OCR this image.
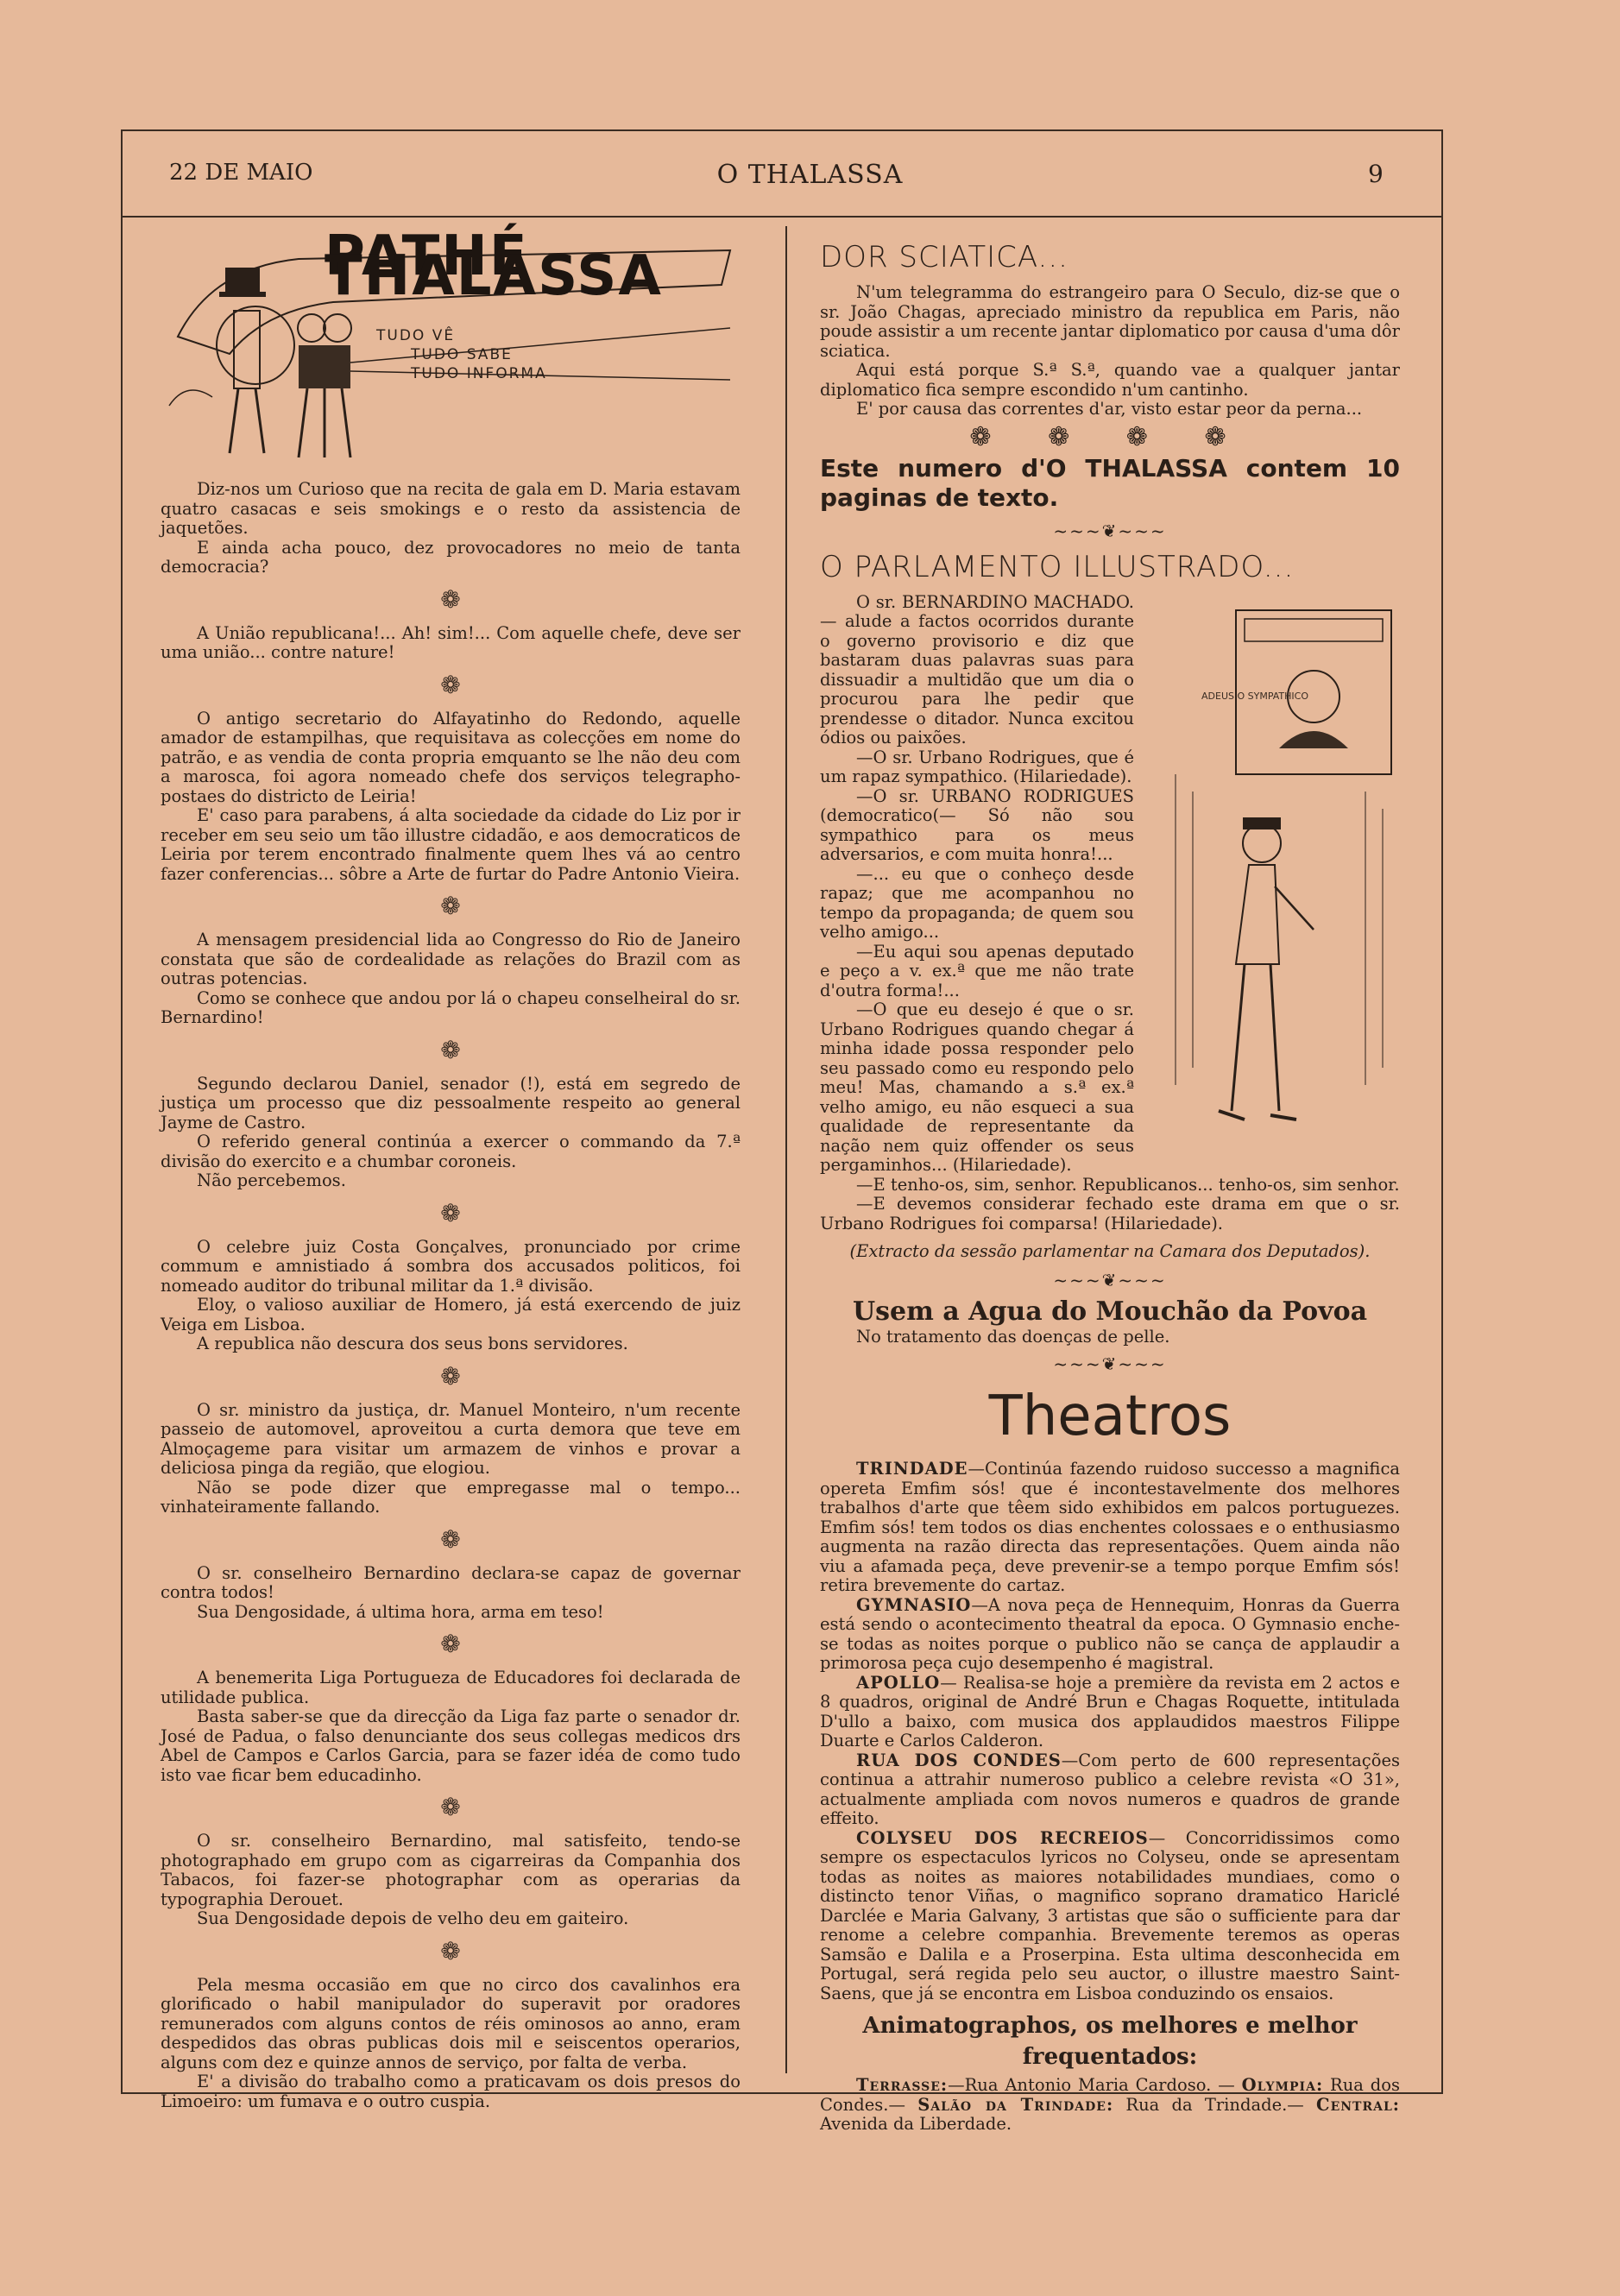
22 DE MAIO	O THALASSA	9
PATHÉ THALASSA
TUDO VÊ
TUDO SABE
TUDO INFORMA

Diz-nos um Curioso que na recita de gala em D. Maria estavam quatro casacas e seis smokings e o resto da assistencia de jaquetões.

E ainda acha pouco, dez provocadores no meio de tanta democracia?

❁

A União republicana!... Ah! sim!... Com aquelle chefe, deve ser uma união... contre nature!

❁

O antigo secretario do Alfayatinho do Redondo, aquelle amador de estampilhas, que requisitava as colecções em nome do patrão, e as vendia de conta propria emquanto se lhe não deu com a marosca, foi agora nomeado chefe dos serviços telegrapho-postaes do districto de Leiria!

E' caso para parabens, á alta sociedade da cidade do Liz por ir receber em seu seio um tão illustre cidadão, e aos democraticos de Leiria por terem encontrado finalmente quem lhes vá ao centro fazer conferencias... sôbre a Arte de furtar do Padre Antonio Vieira.

❁

A mensagem presidencial lida ao Congresso do Rio de Janeiro constata que são de cordealidade as relações do Brazil com as outras potencias.

Como se conhece que andou por lá o chapeu conselheiral do sr. Bernardino!

❁

Segundo declarou Daniel, senador (!), está em segredo de justiça um processo que diz pessoalmente respeito ao general Jayme de Castro.

O referido general continúa a exercer o commando da 7.ª divisão do exercito e a chumbar coroneis.

Não percebemos.

❁

O celebre juiz Costa Gonçalves, pronunciado por crime commum e amnistiado á sombra dos accusados politicos, foi nomeado auditor do tribunal militar da 1.ª divisão.

Eloy, o valioso auxiliar de Homero, já está exercendo de juiz Veiga em Lisboa.

A republica não descura dos seus bons servidores.

❁

O sr. ministro da justiça, dr. Manuel Monteiro, n'um recente passeio de automovel, aproveitou a curta demora que teve em Almoçageme para visitar um armazem de vinhos e provar a deliciosa pinga da região, que elogiou.

Não se pode dizer que empregasse mal o tempo... vinhateiramente fallando.

❁

O sr. conselheiro Bernardino declara-se capaz de governar contra todos!

Sua Dengosidade, á ultima hora, arma em teso!

❁

A benemerita Liga Portugueza de Educadores foi declarada de utilidade publica.

Basta saber-se que da direcção da Liga faz parte o senador dr. José de Padua, o falso denunciante dos seus collegas medicos drs Abel de Campos e Carlos Garcia, para se fazer idéa de como tudo isto vae ficar bem educadinho.

❁

O sr. conselheiro Bernardino, mal satisfeito, tendo-se photographado em grupo com as cigarreiras da Companhia dos Tabacos, foi fazer-se photographar com as operarias da typographia Derouet.

Sua Dengosidade depois de velho deu em gaiteiro.

❁

Pela mesma occasião em que no circo dos cavalinhos era glorificado o habil manipulador do superavit por oradores remunerados com alguns contos de réis ominosos ao anno, eram despedidos das obras publicas dois mil e seiscentos operarios, alguns com dez e quinze annos de serviço, por falta de verba.

E' a divisão do trabalho como a praticavam os dois presos do Limoeiro: um fumava e o outro cuspia.

DOR SCIATICA...

N'um telegramma do estrangeiro para O Seculo, diz-se que o sr. João Chagas, apreciado ministro da republica em Paris, não poude assistir a um recente jantar diplomatico por causa d'uma dôr sciatica.

Aqui está porque S.ª S.ª, quando vae a qualquer jantar diplomatico fica sempre escondido n'um cantinho.

E' por causa das correntes d'ar, visto estar peor da perna...

❁ ❁ ❁ ❁
Este numero d'O THALASSA contem 10 paginas de texto.
~~~❦~~~
O PARLAMENTO ILLUSTRADO...
ADEUS O SYMPATHICO

O sr. BERNARDINO MACHADO.— alude a factos ocorridos durante o governo provisorio e diz que bastaram duas palavras suas para dissuadir a multidão que um dia o procurou para lhe pedir que prendesse o ditador. Nunca excitou ódios ou paixões.

—O sr. Urbano Rodrigues, que é um rapaz sympathico. (Hilariedade).

—O sr. URBANO RODRIGUES (democratico(— Só não sou sympathico para os meus adversarios, e com muita honra!...

—... eu que o conheço desde rapaz; que me acompanhou no tempo da propaganda; de quem sou velho amigo...

—Eu aqui sou apenas deputado e peço a v. ex.ª que me não trate d'outra forma!...

—O que eu desejo é que o sr. Urbano Rodrigues quando chegar á minha idade possa responder pelo seu passado como eu respondo pelo meu! Mas, chamando a s.ª ex.ª velho amigo, eu não esqueci a sua qualidade de representante da nação nem quiz offender os seus pergaminhos... (Hilariedade).

—E tenho-os, sim, senhor. Republicanos... tenho-os, sim senhor.

—E devemos considerar fechado este drama em que o sr. Urbano Rodrigues foi comparsa! (Hilariedade).

(Extracto da sessão parlamentar na Camara dos Deputados).
~~~❦~~~
Usem a Agua do Mouchão da Povoa

No tratamento das doenças de pelle.

~~~❦~~~
Theatros

TRINDADE—Continúa fazendo ruidoso successo a magnifica opereta Emfim sós! que é incontestavelmente dos melhores trabalhos d'arte que têem sido exhibidos em palcos portuguezes. Emfim sós! tem todos os dias enchentes colossaes e o enthusiasmo augmenta na razão directa das representações. Quem ainda não viu a afamada peça, deve prevenir-se a tempo porque Emfim sós! retira brevemente do cartaz.

GYMNASIO—A nova peça de Hennequim, Honras da Guerra está sendo o acontecimento theatral da epoca. O Gymnasio enche-se todas as noites porque o publico não se cança de applaudir a primorosa peça cujo desempenho é magistral.

APOLLO— Realisa-se hoje a première da revista em 2 actos e 8 quadros, original de André Brun e Chagas Roquette, intitulada D'ullo a baixo, com musica dos applaudidos maestros Filippe Duarte e Carlos Calderon.

RUA DOS CONDES—Com perto de 600 representações continua a attrahir numeroso publico a celebre revista «O 31», actualmente ampliada com novos numeros e quadros de grande effeito.

COLYSEU DOS RECREIOS— Concorridissimos como sempre os espectaculos lyricos no Colyseu, onde se apresentam todas as noites as maiores notabilidades mundiaes, como o distincto tenor Viñas, o magnifico soprano dramatico Hariclé Darclée e Maria Galvany, 3 artistas que são o sufficiente para dar renome a celebre companhia. Brevemente teremos as operas Samsão e Dalila e a Proserpina. Esta ultima desconhecida em Portugal, será regida pelo seu auctor, o illustre maestro Saint-Saens, que já se encontra em Lisboa conduzindo os ensaios.

Animatographos, os melhores e melhor frequentados:

Terrasse:—Rua Antonio Maria Cardoso. — Olympia: Rua dos Condes.— Salão da Trindade: Rua da Trindade.— Central: Avenida da Liberdade.
